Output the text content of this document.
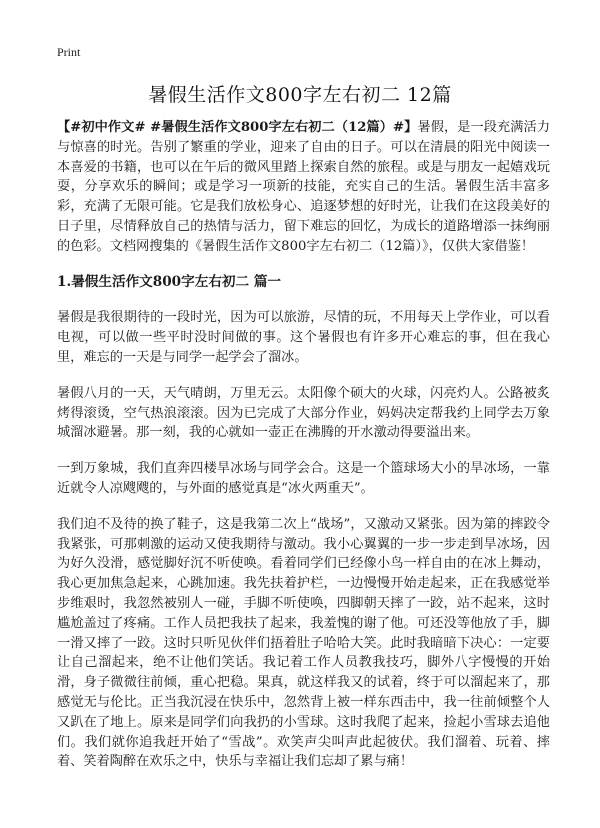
Print
暑假生活作文800字左右初二 12篇

【#初中作文# #暑假生活作文800字左右初二（12篇）#】暑假，是一段充满活力与惊喜的时光。告别了繁重的学业，迎来了自由的日子。可以在清晨的阳光中阅读一本喜爱的书籍，也可以在午后的微风里踏上探索自然的旅程。或是与朋友一起嬉戏玩耍，分享欢乐的瞬间；或是学习一项新的技能，充实自己的生活。暑假生活丰富多彩，充满了无限可能。它是我们放松身心、追逐梦想的好时光，让我们在这段美好的日子里，尽情释放自己的热情与活力，留下难忘的回忆，为成长的道路增添一抹绚丽的色彩。文档网搜集的《暑假生活作文800字左右初二（12篇）》，仅供大家借鉴！

1.暑假生活作文800字左右初二 篇一

暑假是我很期待的一段时光，因为可以旅游，尽情的玩，不用每天上学作业，可以看电视，可以做一些平时没时间做的事。这个暑假也有许多开心难忘的事，但在我心里，难忘的一天是与同学一起学会了溜冰。

暑假八月的一天，天气晴朗，万里无云。太阳像个硕大的火球，闪亮灼人。公路被炙烤得滚烫，空气热浪滚滚。因为已完成了大部分作业，妈妈决定帮我约上同学去万象城溜冰避暑。那一刻，我的心就如一壶正在沸腾的开水激动得要溢出来。

一到万象城，我们直奔四楼旱冰场与同学会合。这是一个篮球场大小的旱冰场，一靠近就令人凉飕飕的，与外面的感觉真是“冰火两重天”。

我们迫不及待的换了鞋子，这是我第二次上“战场”，又激动又紧张。因为第的摔跤令我紧张，可那刺激的运动又使我期待与激动。我小心翼翼的一步一步走到旱冰场，因为好久没滑，感觉脚好沉不听使唤。看着同学们已经像小鸟一样自由的在冰上舞动，我心更加焦急起来，心跳加速。我先扶着护栏，一边慢慢开始走起来，正在我感觉举步维艰时，我忽然被别人一碰，手脚不听使唤，四脚朝天摔了一跤，站不起来，这时尴尬盖过了疼痛。工作人员把我扶了起来，我羞愧的谢了他。可还没等他放了手，脚一滑又摔了一跤。这时只听见伙伴们捂着肚子哈哈大笑。此时我暗暗下决心：一定要让自己溜起来，绝不让他们笑话。我记着工作人员教我技巧，脚外八字慢慢的开始滑，身子微微往前倾，重心把稳。果真，就这样我又的试着，终于可以溜起来了，那感觉无与伦比。正当我沉浸在快乐中，忽然背上被一样东西击中，我一往前倾整个人又趴在了地上。原来是同学们向我扔的小雪球。这时我爬了起来，捡起小雪球去追他们。我们就你追我赶开始了“雪战”。欢笑声尖叫声此起彼伏。我们溜着、玩着、摔着、笑着陶醉在欢乐之中，快乐与幸福让我们忘却了累与痛！
